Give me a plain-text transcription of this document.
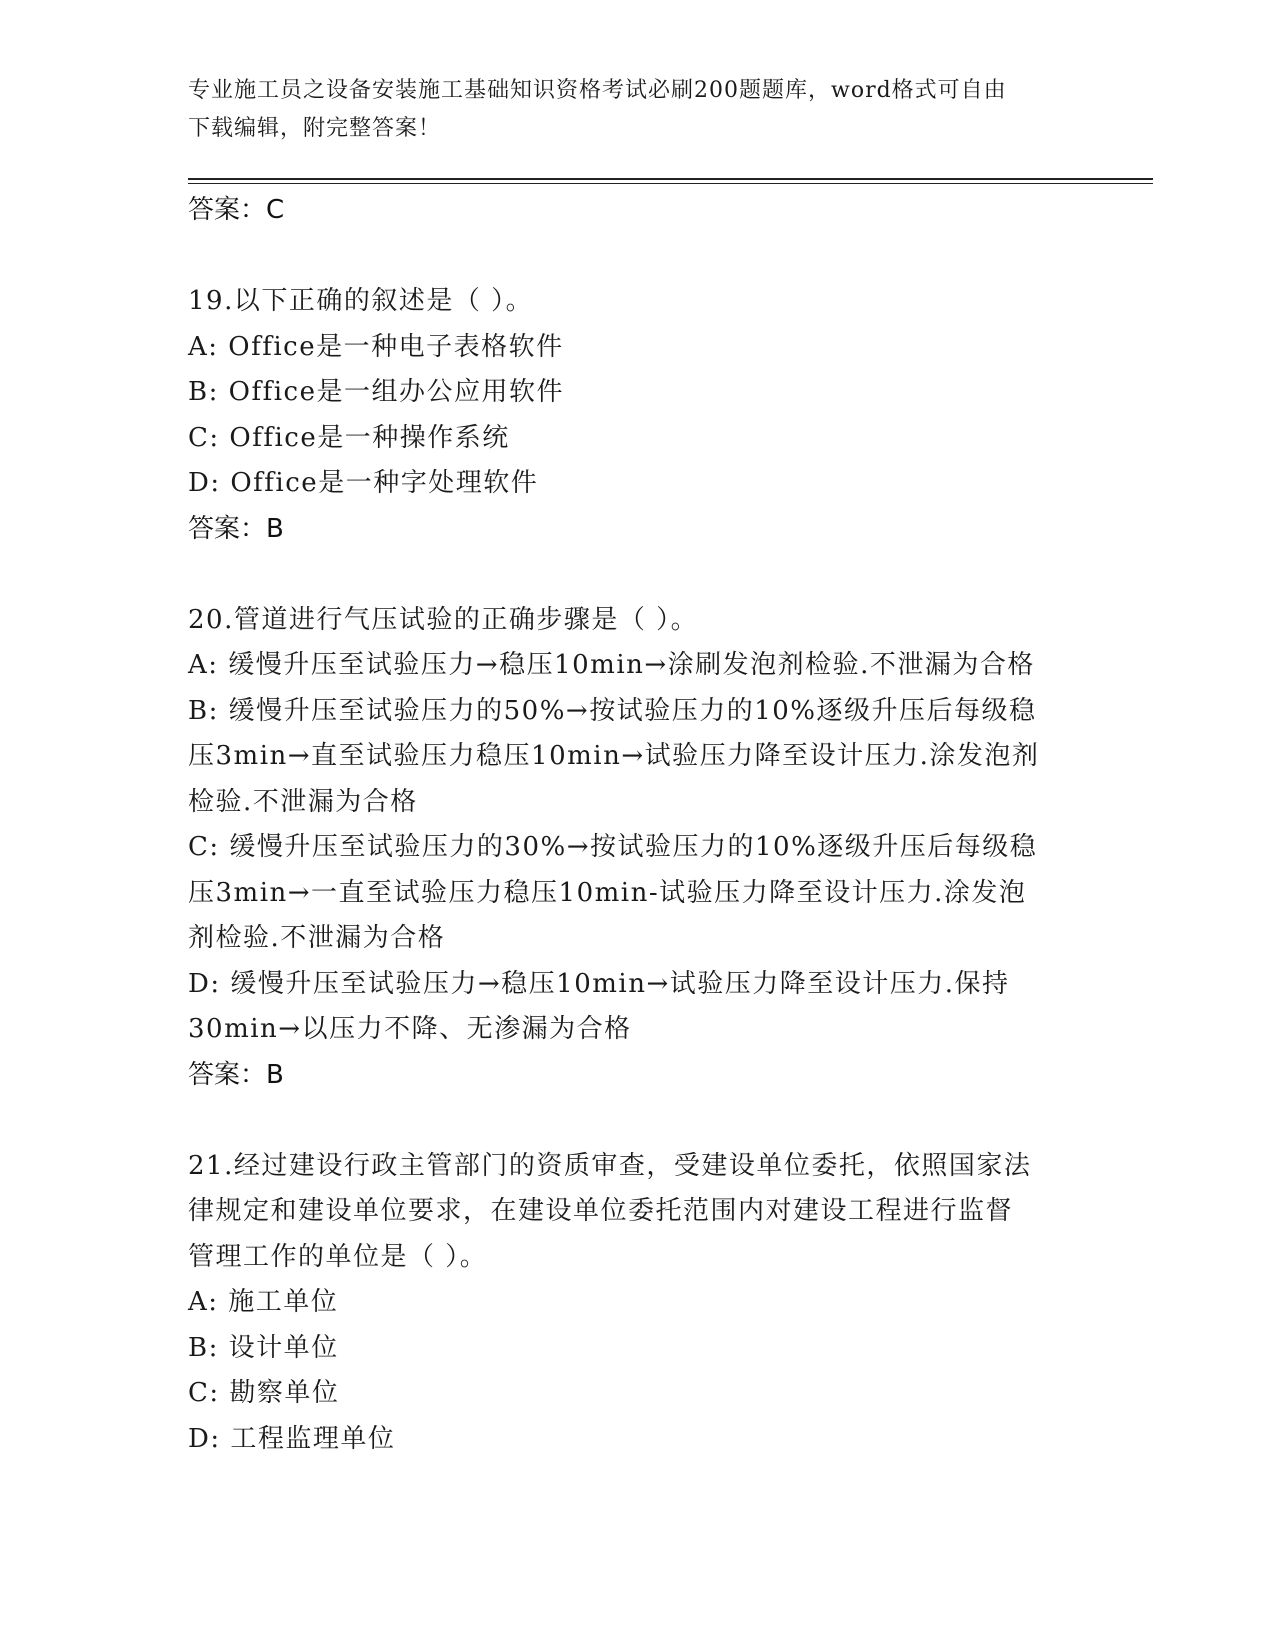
专业施工员之设备安装施工基础知识资格考试必刷200题题库，word格式可自由
下载编辑，附完整答案！
答案：C
19.以下正确的叙述是（ ）。
A: Office是一种电子表格软件
B: Office是一组办公应用软件
C: Office是一种操作系统
D: Office是一种字处理软件
答案：B
20.管道进行气压试验的正确步骤是（ ）。
A: 缓慢升压至试验压力→稳压10min→涂刷发泡剂检验.不泄漏为合格
B: 缓慢升压至试验压力的50%→按试验压力的10%逐级升压后每级稳
压3min→直至试验压力稳压10min→试验压力降至设计压力.涂发泡剂
检验.不泄漏为合格
C: 缓慢升压至试验压力的30%→按试验压力的10%逐级升压后每级稳
压3min→一直至试验压力稳压10min-试验压力降至设计压力.涂发泡
剂检验.不泄漏为合格
D: 缓慢升压至试验压力→稳压10min→试验压力降至设计压力.保持
30min→以压力不降、无渗漏为合格
答案：B
21.经过建设行政主管部门的资质审查，受建设单位委托，依照国家法
律规定和建设单位要求，在建设单位委托范围内对建设工程进行监督
管理工作的单位是（ ）。
A: 施工单位
B: 设计单位
C: 勘察单位
D: 工程监理单位
